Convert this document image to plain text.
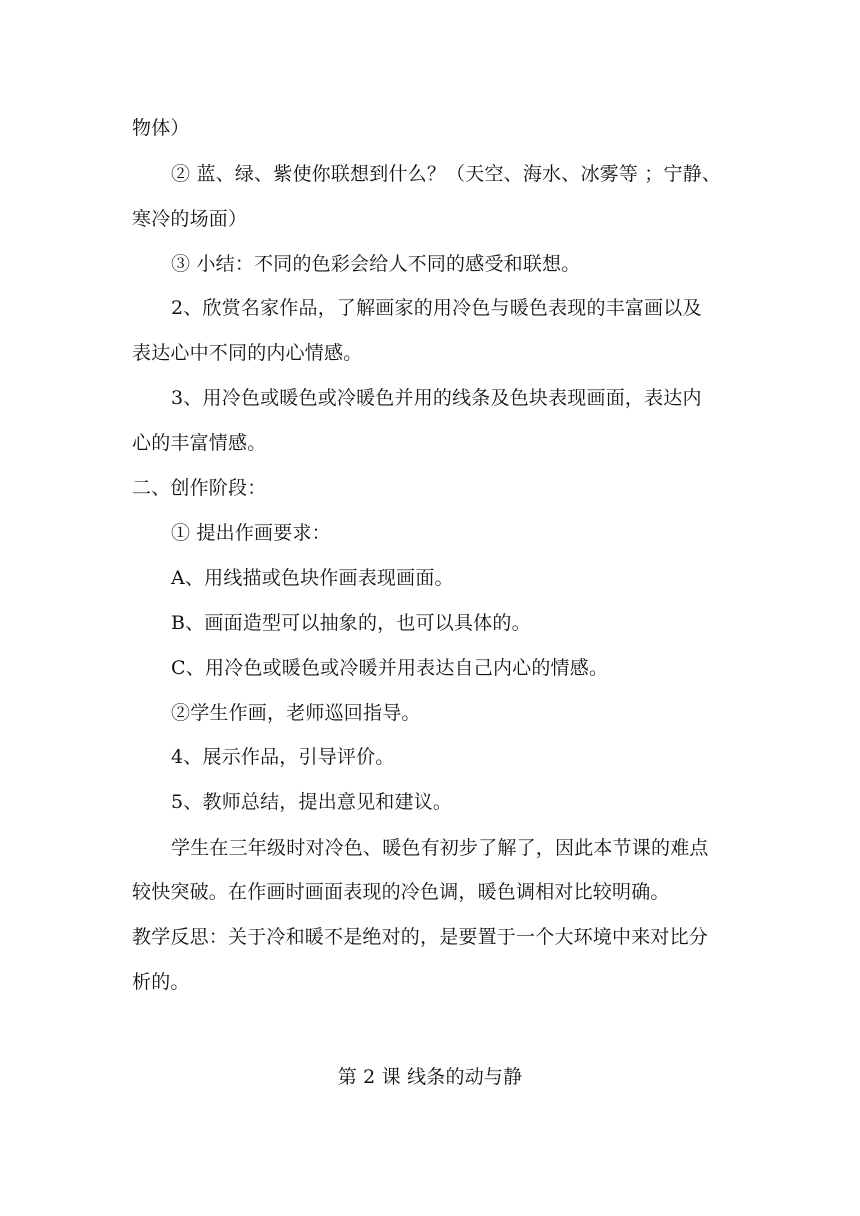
物体）
② 蓝、绿、紫使你联想到什么？（天空、海水、冰雾等 ；宁静、
寒冷的场面）
③ 小结：不同的色彩会给人不同的感受和联想。
2、欣赏名家作品，了解画家的用冷色与暖色表现的丰富画以及
表达心中不同的内心情感。
3、用冷色或暖色或冷暖色并用的线条及色块表现画面，表达内
心的丰富情感。
二、创作阶段：
① 提出作画要求：
A、用线描或色块作画表现画面。
B、画面造型可以抽象的，也可以具体的。
C、用冷色或暖色或冷暖并用表达自己内心的情感。
②学生作画，老师巡回指导。
4、展示作品，引导评价。
5、教师总结，提出意见和建议。
学生在三年级时对冷色、暖色有初步了解了，因此本节课的难点
较快突破。在作画时画面表现的冷色调，暖色调相对比较明确。
教学反思：关于冷和暖不是绝对的，是要置于一个大环境中来对比分
析的。
第 2 课 线条的动与静
